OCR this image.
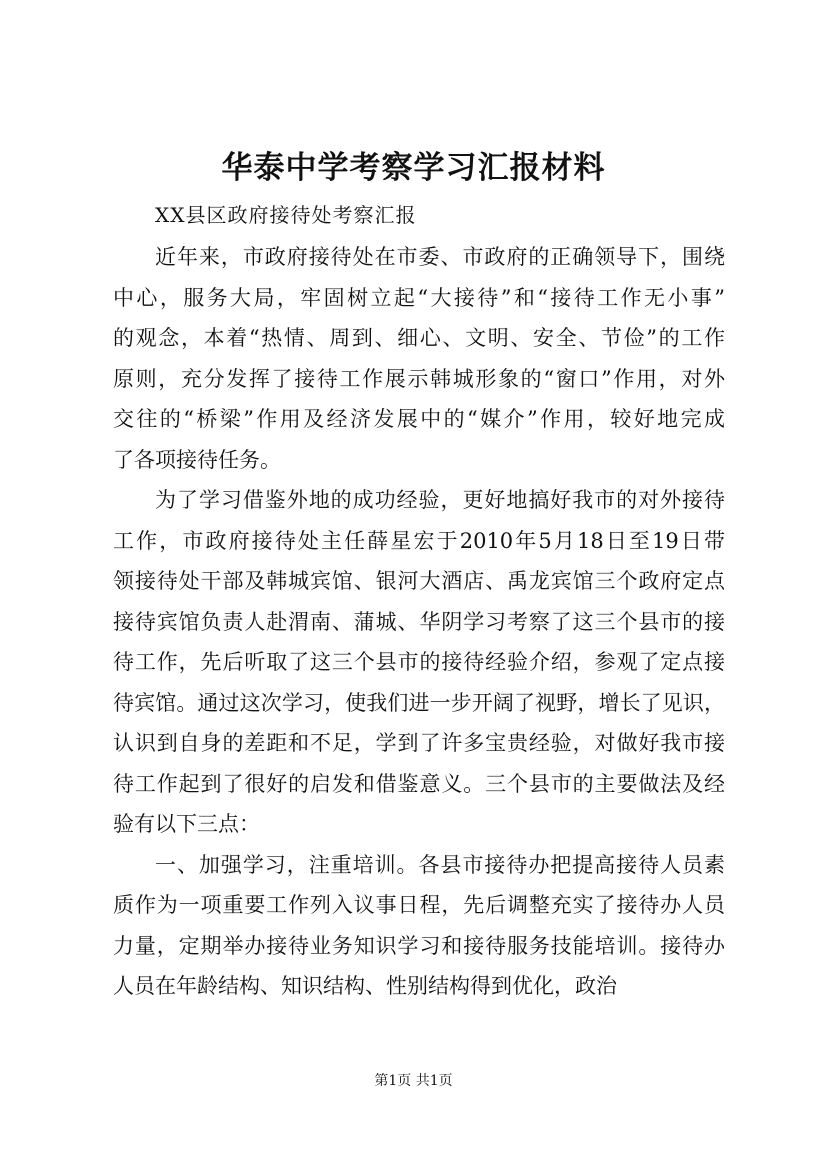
华泰中学考察学习汇报材料
XX县区政府接待处考察汇报
近年来，市政府接待处在市委、市政府的正确领导下，围绕
中心，服务大局，牢固树立起“大接待”和“接待工作无小事”
的观念，本着“热情、周到、细心、文明、安全、节俭”的工作
原则，充分发挥了接待工作展示韩城形象的“窗口”作用，对外
交往的“桥梁”作用及经济发展中的“媒介”作用，较好地完成
了各项接待任务。
为了学习借鉴外地的成功经验，更好地搞好我市的对外接待
工作，市政府接待处主任薛星宏于2010年5月18日至19日带
领接待处干部及韩城宾馆、银河大酒店、禹龙宾馆三个政府定点
接待宾馆负责人赴渭南、蒲城、华阴学习考察了这三个县市的接
待工作，先后听取了这三个县市的接待经验介绍，参观了定点接
待宾馆。通过这次学习，使我们进一步开阔了视野，增长了见识，
认识到自身的差距和不足，学到了许多宝贵经验，对做好我市接
待工作起到了很好的启发和借鉴意义。三个县市的主要做法及经
验有以下三点：
一、加强学习，注重培训。各县市接待办把提高接待人员素
质作为一项重要工作列入议事日程，先后调整充实了接待办人员
力量，定期举办接待业务知识学习和接待服务技能培训。接待办
人员在年龄结构、知识结构、性别结构得到优化，政治
第1页 共1页
